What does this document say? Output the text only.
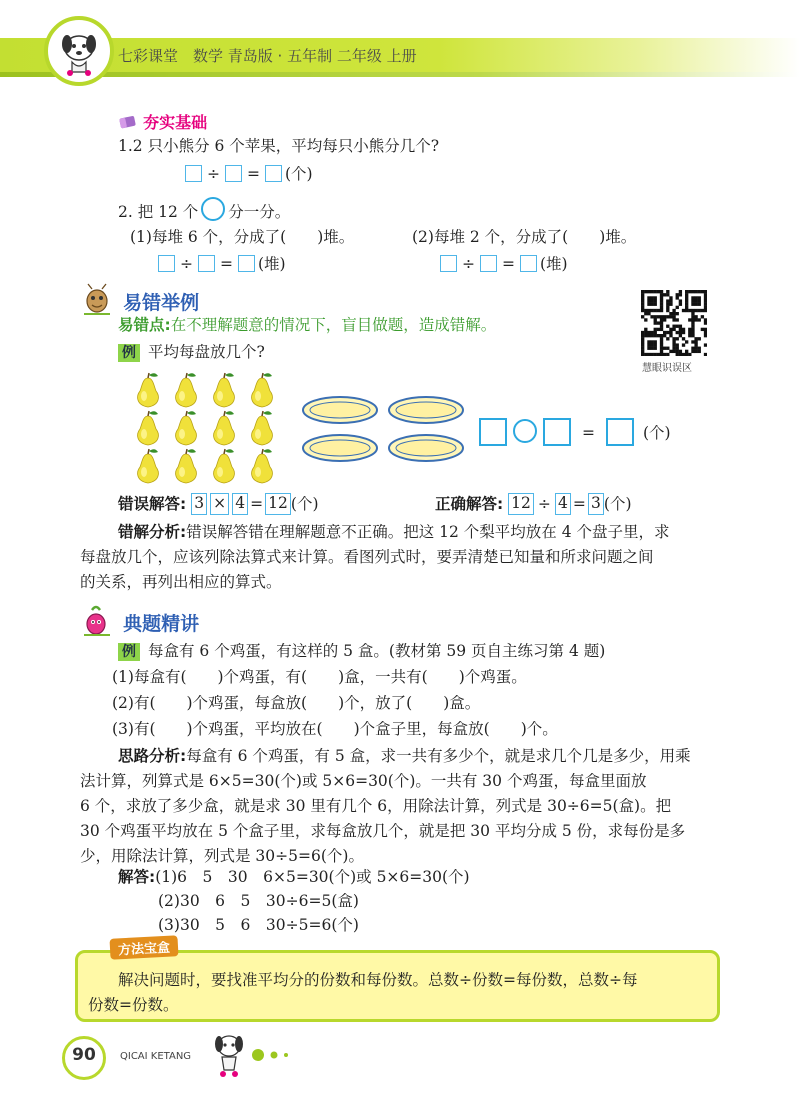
七彩课堂　数学 青岛版 · 五年制 二年级 上册
夯实基础
1.2 只小熊分 6 个苹果，平均每只小熊分几个?
÷ = (个)
2. 把 12 个 分一分。
(1)每堆 6 个，分成了(　　)堆。	(2)每堆 2 个，分成了(　　)堆。
÷ = (堆)	÷ = (堆)
易错举例
易错点:在不理解题意的情况下，盲目做题，造成错解。
慧眼识误区
例 平均每盘放几个?
=	(个)
错误解答: 3 × 4 = 12 (个)	正确解答: 12 ÷ 4 = 3 (个)
错解分析:错误解答错在理解题意不正确。把这 12 个梨平均放在 4 个盘子里，求
每盘放几个，应该列除法算式来计算。看图列式时，要弄清楚已知量和所求问题之间
的关系，再列出相应的算式。
典题精讲
例 每盒有 6 个鸡蛋，有这样的 5 盒。(教材第 59 页自主练习第 4 题)
(1)每盒有(　　)个鸡蛋，有(　　)盒，一共有(　　)个鸡蛋。
(2)有(　　)个鸡蛋，每盒放(　　)个，放了(　　)盒。
(3)有(　　)个鸡蛋，平均放在(　　)个盒子里，每盒放(　　)个。
思路分析:每盒有 6 个鸡蛋，有 5 盒，求一共有多少个，就是求几个几是多少，用乘
法计算，列算式是 6×5=30(个)或 5×6=30(个)。一共有 30 个鸡蛋，每盒里面放
6 个，求放了多少盒，就是求 30 里有几个 6，用除法计算，列式是 30÷6=5(盒)。把
30 个鸡蛋平均放在 5 个盒子里，求每盒放几个，就是把 30 平均分成 5 份，求每份是多
少，用除法计算，列式是 30÷5=6(个)。
解答:(1)6　5　30　6×5=30(个)或 5×6=30(个)
(2)30　6　5　30÷6=5(盒)
(3)30　5　6　30÷5=6(个)
方法宝盒
解决问题时，要找准平均分的份数和每份数。总数÷份数=每份数，总数÷每
份数=份数。
90	QICAI KETANG
